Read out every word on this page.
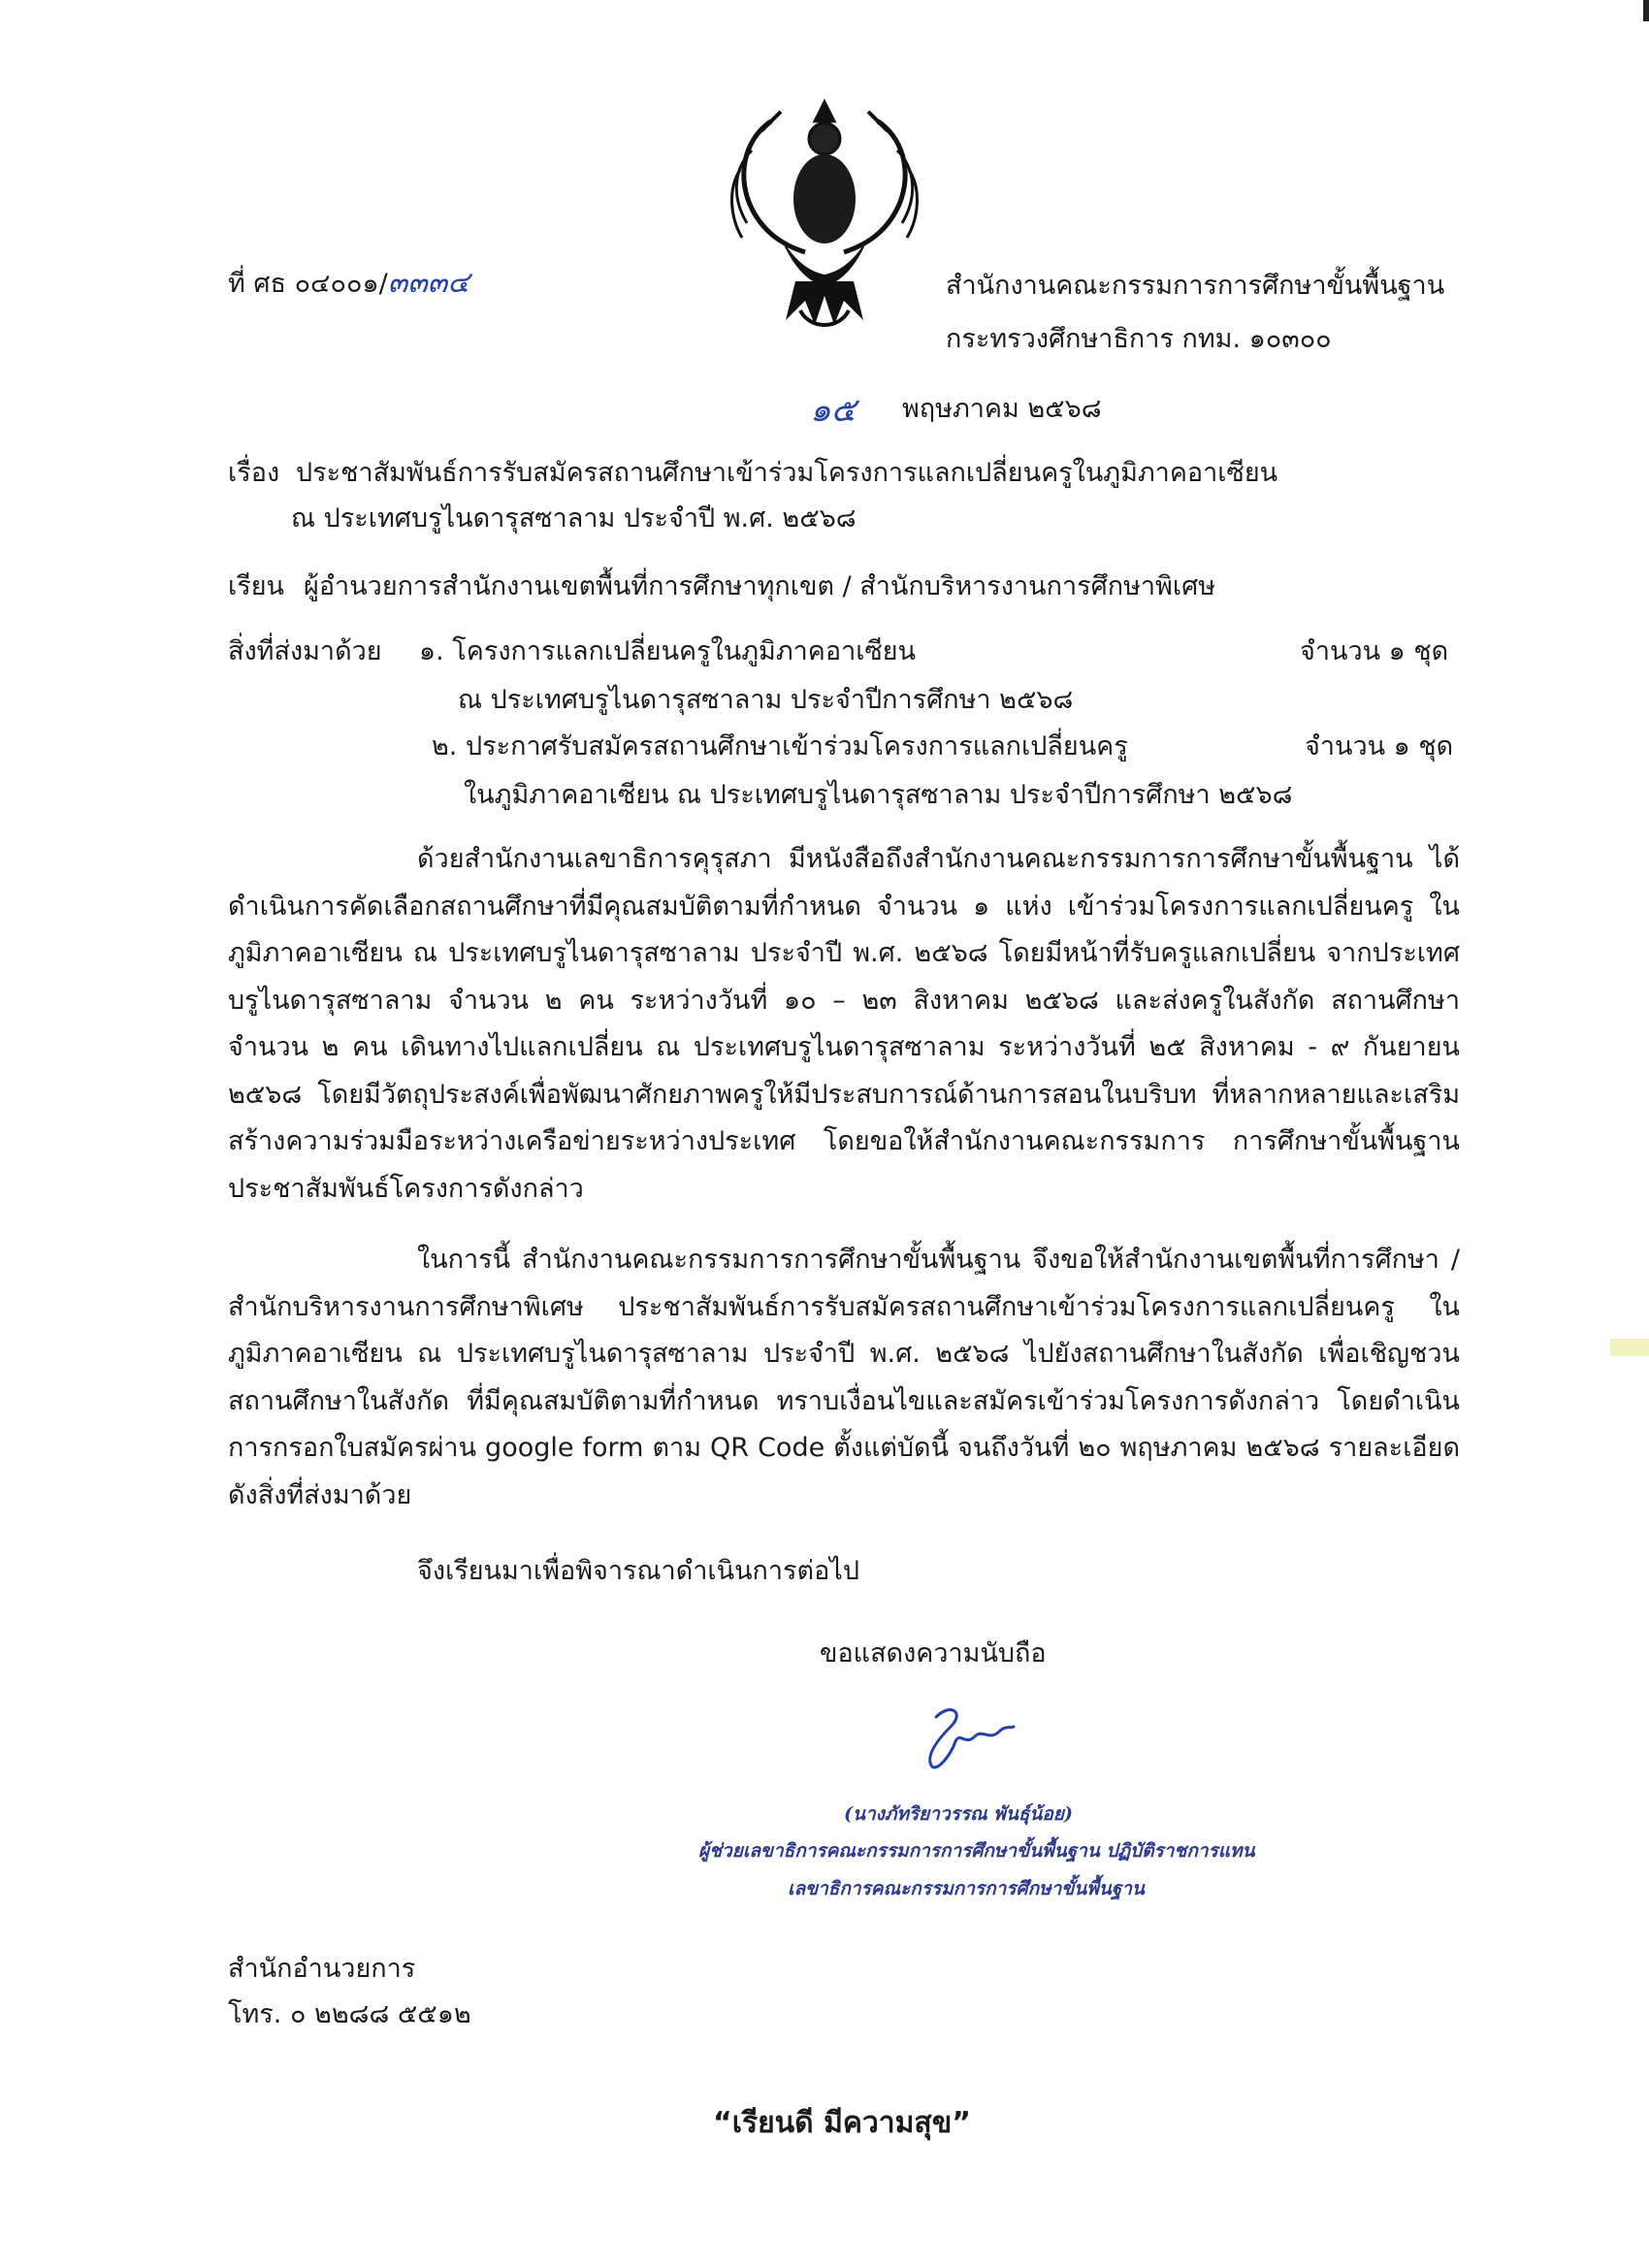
ที่ ศธ ๐๔๐๐๑/๓๓๓๔	สำนักงานคณะกรรมการการศึกษาขั้นพื้นฐาน
กระทรวงศึกษาธิการ กทม. ๑๐๓๐๐
๑๕ พฤษภาคม ๒๕๖๘
เรื่อง ประชาสัมพันธ์การรับสมัครสถานศึกษาเข้าร่วมโครงการแลกเปลี่ยนครูในภูมิภาคอาเซียน
ณ ประเทศบรูไนดารุสซาลาม ประจำปี พ.ศ. ๒๕๖๘
เรียน ผู้อำนวยการสำนักงานเขตพื้นที่การศึกษาทุกเขต / สำนักบริหารงานการศึกษาพิเศษ
สิ่งที่ส่งมาด้วย ๑. โครงการแลกเปลี่ยนครูในภูมิภาคอาเซียน	จำนวน ๑ ชุด
ณ ประเทศบรูไนดารุสซาลาม ประจำปีการศึกษา ๒๕๖๘
๒. ประกาศรับสมัครสถานศึกษาเข้าร่วมโครงการแลกเปลี่ยนครู	จำนวน ๑ ชุด
ในภูมิภาคอาเซียน ณ ประเทศบรูไนดารุสซาลาม ประจำปีการศึกษา ๒๕๖๘
ด้วยสำนักงานเลขาธิการคุรุสภา มีหนังสือถึงสำนักงานคณะกรรมการการศึกษาขั้นพื้นฐาน ได้ดำเนินการคัดเลือกสถานศึกษาที่มีคุณสมบัติตามที่กำหนด จำนวน ๑ แห่ง เข้าร่วมโครงการแลกเปลี่ยนครู ในภูมิภาคอาเซียน ณ ประเทศบรูไนดารุสซาลาม ประจำปี พ.ศ. ๒๕๖๘ โดยมีหน้าที่รับครูแลกเปลี่ยน จากประเทศบรูไนดารุสซาลาม จำนวน ๒ คน ระหว่างวันที่ ๑๐ – ๒๓ สิงหาคม ๒๕๖๘ และส่งครูในสังกัด สถานศึกษา จำนวน ๒ คน เดินทางไปแลกเปลี่ยน ณ ประเทศบรูไนดารุสซาลาม ระหว่างวันที่ ๒๕ สิงหาคม - ๙ กันยายน ๒๕๖๘ โดยมีวัตถุประสงค์เพื่อพัฒนาศักยภาพครูให้มีประสบการณ์ด้านการสอนในบริบท ที่หลากหลายและเสริมสร้างความร่วมมือระหว่างเครือข่ายระหว่างประเทศ โดยขอให้สำนักงานคณะกรรมการ การศึกษาขั้นพื้นฐาน ประชาสัมพันธ์โครงการดังกล่าว
ในการนี้ สำนักงานคณะกรรมการการศึกษาขั้นพื้นฐาน จึงขอให้สำนักงานเขตพื้นที่การศึกษา / สำนักบริหารงานการศึกษาพิเศษ ประชาสัมพันธ์การรับสมัครสถานศึกษาเข้าร่วมโครงการแลกเปลี่ยนครู ในภูมิภาคอาเซียน ณ ประเทศบรูไนดารุสซาลาม ประจำปี พ.ศ. ๒๕๖๘ ไปยังสถานศึกษาในสังกัด เพื่อเชิญชวน สถานศึกษาในสังกัด ที่มีคุณสมบัติตามที่กำหนด ทราบเงื่อนไขและสมัครเข้าร่วมโครงการดังกล่าว โดยดำเนินการกรอกใบสมัครผ่าน google form ตาม QR Code ตั้งแต่บัดนี้ จนถึงวันที่ ๒๐ พฤษภาคม ๒๕๖๘ รายละเอียดดังสิ่งที่ส่งมาด้วย
จึงเรียนมาเพื่อพิจารณาดำเนินการต่อไป
ขอแสดงความนับถือ
(นางภัทริยาวรรณ พันธุ์น้อย)
ผู้ช่วยเลขาธิการคณะกรรมการการศึกษาขั้นพื้นฐาน ปฏิบัติราชการแทน
เลขาธิการคณะกรรมการการศึกษาขั้นพื้นฐาน
สำนักอำนวยการ
โทร. ๐ ๒๒๘๘ ๕๕๑๒
“เรียนดี มีความสุข”
